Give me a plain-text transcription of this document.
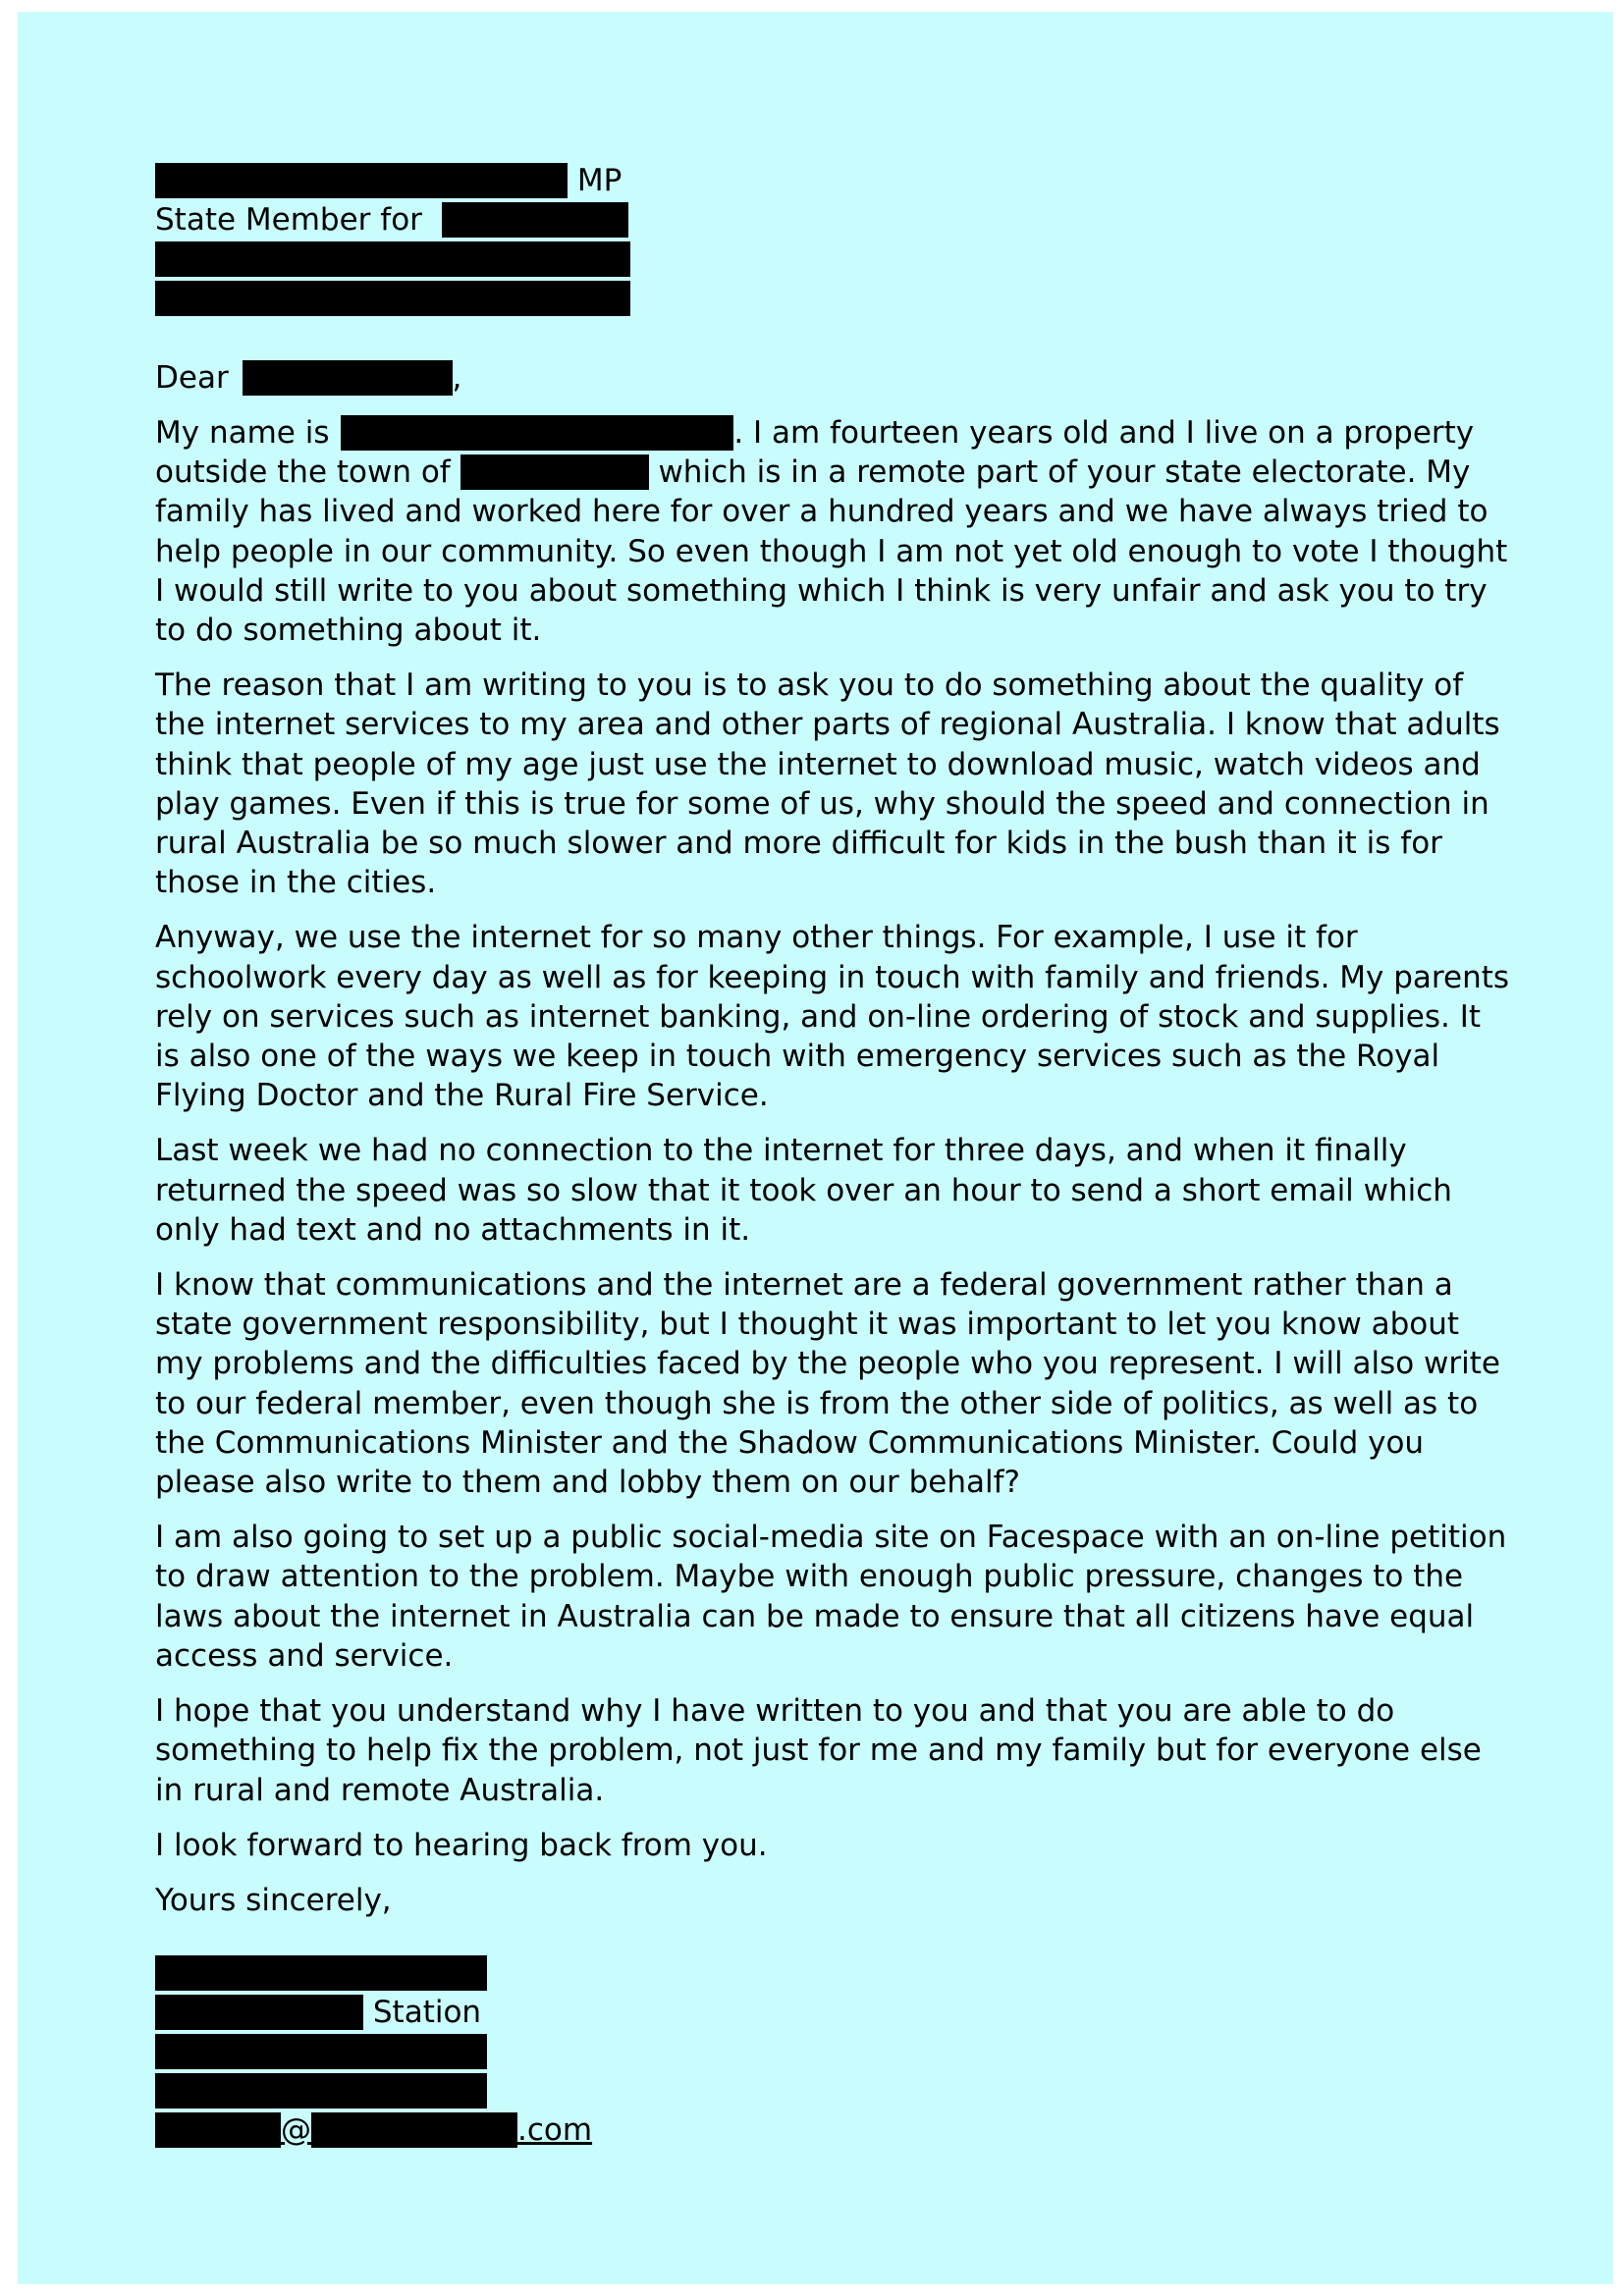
MP
State Member for
Dear	,

My name is	. I am fourteen years old and I live on a property outside the town of	which is in a remote part of your state electorate. My family has lived and worked here for over a hundred years and we have always tried to help people in our community. So even though I am not yet old enough to vote I thought I would still write to you about something which I think is very unfair and ask you to try to do something about it.

The reason that I am writing to you is to ask you to do something about the quality of the internet services to my area and other parts of regional Australia. I know that adults think that people of my age just use the internet to download music, watch videos and play games. Even if this is true for some of us, why should the speed and connection in rural Australia be so much slower and more difficult for kids in the bush than it is for those in the cities.

Anyway, we use the internet for so many other things. For example, I use it for schoolwork every day as well as for keeping in touch with family and friends. My parents rely on services such as internet banking, and on-line ordering of stock and supplies. It is also one of the ways we keep in touch with emergency services such as the Royal Flying Doctor and the Rural Fire Service.

Last week we had no connection to the internet for three days, and when it finally returned the speed was so slow that it took over an hour to send a short email which only had text and no attachments in it.

I know that communications and the internet are a federal government rather than a state government responsibility, but I thought it was important to let you know about my problems and the difficulties faced by the people who you represent. I will also write to our federal member, even though she is from the other side of politics, as well as to the Communications Minister and the Shadow Communications Minister. Could you please also write to them and lobby them on our behalf?

I am also going to set up a public social-media site on Facespace with an on-line petition to draw attention to the problem. Maybe with enough public pressure, changes to the laws about the internet in Australia can be made to ensure that all citizens have equal access and service.

I hope that you understand why I have written to you and that you are able to do something to help fix the problem, not just for me and my family but for everyone else in rural and remote Australia.

I look forward to hearing back from you.

Yours sincerely,

Station
@	.com
